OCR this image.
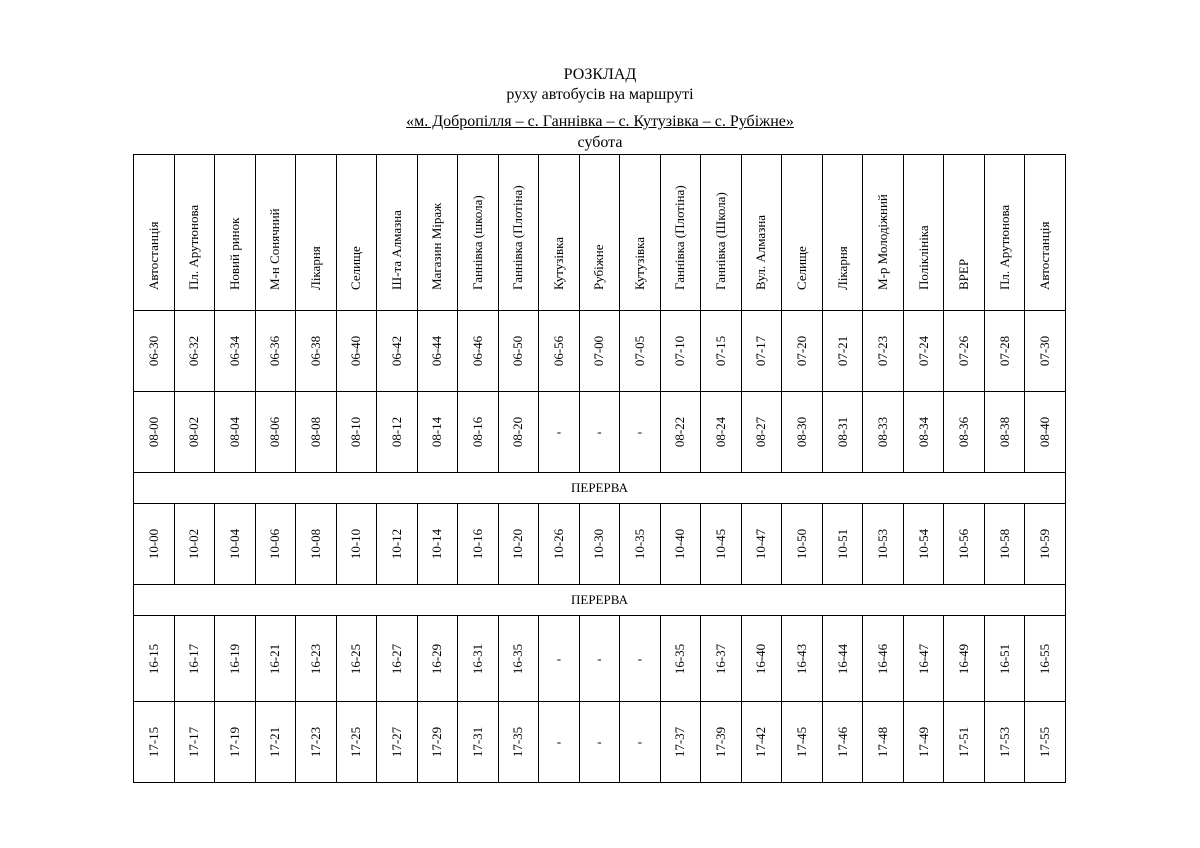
РОЗКЛАД
руху автобусів на маршруті
«м. Добропілля – с. Ганнівка – с. Кутузівка – с. Рубіжне»
субота
Автостанція	Пл. Арутюнова	Новий ринок	М-н Сонячний	Лікарня	Селище	Ш-та Алмазна	Магазин Міраж	Ганнівка (школа)	Ганнівка (Плотіна)	Кутузівка	Рубіжне	Кутузівка	Ганнівка (Плотіна)	Ганнівка (Школа)	Вул. Алмазна	Селище	Лікарня	М-р Молодіжний	Поліклініка	ВРЕР	Пл. Арутюнова	Автостанція

06-30	06-32	06-34	06-36	06-38	06-40	06-42	06-44	06-46	06-50	06-56	07-00	07-05	07-10	07-15	07-17	07-20	07-21	07-23	07-24	07-26	07-28	07-30

08-00	08-02	08-04	08-06	08-08	08-10	08-12	08-14	08-16	08-20	-	-	-	08-22	08-24	08-27	08-30	08-31	08-33	08-34	08-36	08-38	08-40

ПЕРЕРВА																						

10-00	10-02	10-04	10-06	10-08	10-10	10-12	10-14	10-16	10-20	10-26	10-30	10-35	10-40	10-45	10-47	10-50	10-51	10-53	10-54	10-56	10-58	10-59

ПЕРЕРВА																						

16-15	16-17	16-19	16-21	16-23	16-25	16-27	16-29	16-31	16-35	-	-	-	16-35	16-37	16-40	16-43	16-44	16-46	16-47	16-49	16-51	16-55

17-15	17-17	17-19	17-21	17-23	17-25	17-27	17-29	17-31	17-35	-	-	-	17-37	17-39	17-42	17-45	17-46	17-48	17-49	17-51	17-53	17-55
